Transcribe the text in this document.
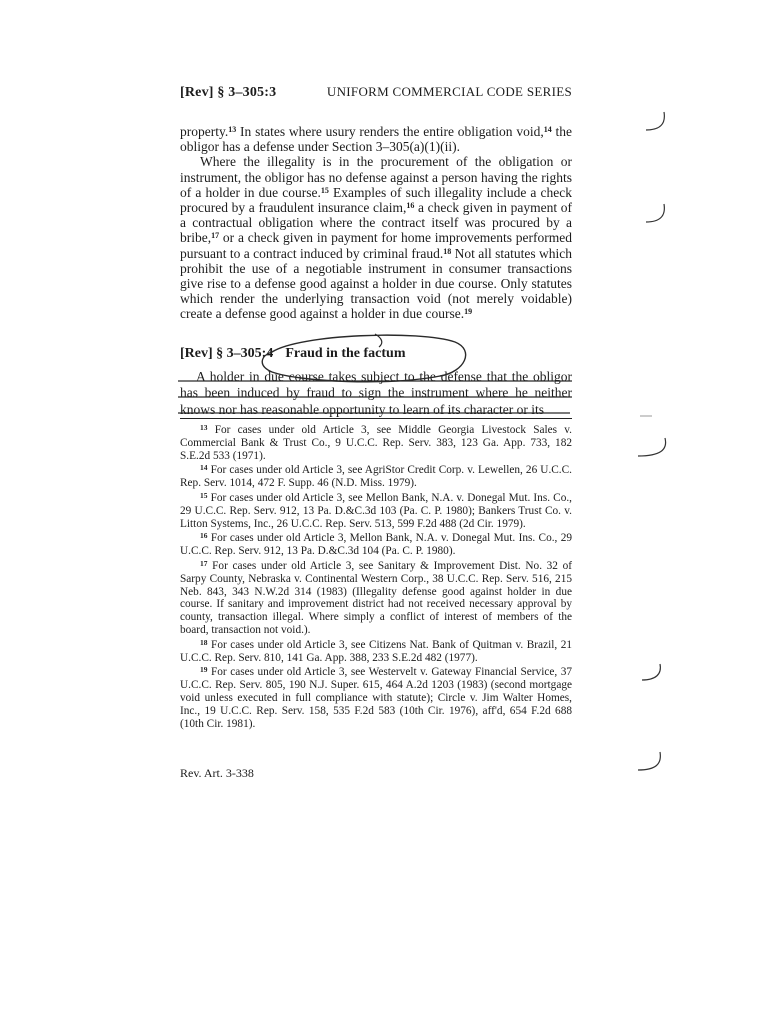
[Rev] § 3–305:3	UNIFORM COMMERCIAL CODE SERIES

property.$^{13}$ In states where usury renders the entire obligation void,$^{14}$ the obligor has a defense under Section 3–305(a)(1)(ii).

Where the illegality is in the procurement of the obligation or instrument, the obligor has no defense against a person having the rights of a holder in due course.$^{15}$ Examples of such illegality include a check procured by a fraudulent insurance claim,$^{16}$ a check given in payment of a contractual obligation where the contract itself was procured by a bribe,$^{17}$ or a check given in payment for home improvements performed pursuant to a contract induced by criminal fraud.$^{18}$ Not all statutes which prohibit the use of a negotiable instrument in consumer transactions give rise to a defense good against a holder in due course. Only statutes which render the underlying transaction void (not merely voidable) create a defense good against a holder in due course.$^{19}$

[Rev] § 3–305:4 Fraud in the factum
A holder in due course takes subject to the defense that the obligor has been induced by fraud to sign the instrument where he neither knows nor has reasonable opportunity to learn of its character or its

$^{13}$ For cases under old Article 3, see Middle Georgia Livestock Sales v. Commercial Bank & Trust Co., 9 U.C.C. Rep. Serv. 383, 123 Ga. App. 733, 182 S.E.2d 533 (1971).

$^{14}$ For cases under old Article 3, see AgriStor Credit Corp. v. Lewellen, 26 U.C.C. Rep. Serv. 1014, 472 F. Supp. 46 (N.D. Miss. 1979).

$^{15}$ For cases under old Article 3, see Mellon Bank, N.A. v. Donegal Mut. Ins. Co., 29 U.C.C. Rep. Serv. 912, 13 Pa. D.&C.3d 103 (Pa. C. P. 1980); Bankers Trust Co. v. Litton Systems, Inc., 26 U.C.C. Rep. Serv. 513, 599 F.2d 488 (2d Cir. 1979).

$^{16}$ For cases under old Article 3, Mellon Bank, N.A. v. Donegal Mut. Ins. Co., 29 U.C.C. Rep. Serv. 912, 13 Pa. D.&C.3d 104 (Pa. C. P. 1980).

$^{17}$ For cases under old Article 3, see Sanitary & Improvement Dist. No. 32 of Sarpy County, Nebraska v. Continental Western Corp., 38 U.C.C. Rep. Serv. 516, 215 Neb. 843, 343 N.W.2d 314 (1983) (Illegality defense good against holder in due course. If sanitary and improvement district had not received necessary approval by county, transaction illegal. Where simply a conflict of interest of members of the board, transaction not void.).

$^{18}$ For cases under old Article 3, see Citizens Nat. Bank of Quitman v. Brazil, 21 U.C.C. Rep. Serv. 810, 141 Ga. App. 388, 233 S.E.2d 482 (1977).

$^{19}$ For cases under old Article 3, see Westervelt v. Gateway Financial Service, 37 U.C.C. Rep. Serv. 805, 190 N.J. Super. 615, 464 A.2d 1203 (1983) (second mortgage void unless executed in full compliance with statute); Circle v. Jim Walter Homes, Inc., 19 U.C.C. Rep. Serv. 158, 535 F.2d 583 (10th Cir. 1976), aff'd, 654 F.2d 688 (10th Cir. 1981).

Rev. Art. 3-338
